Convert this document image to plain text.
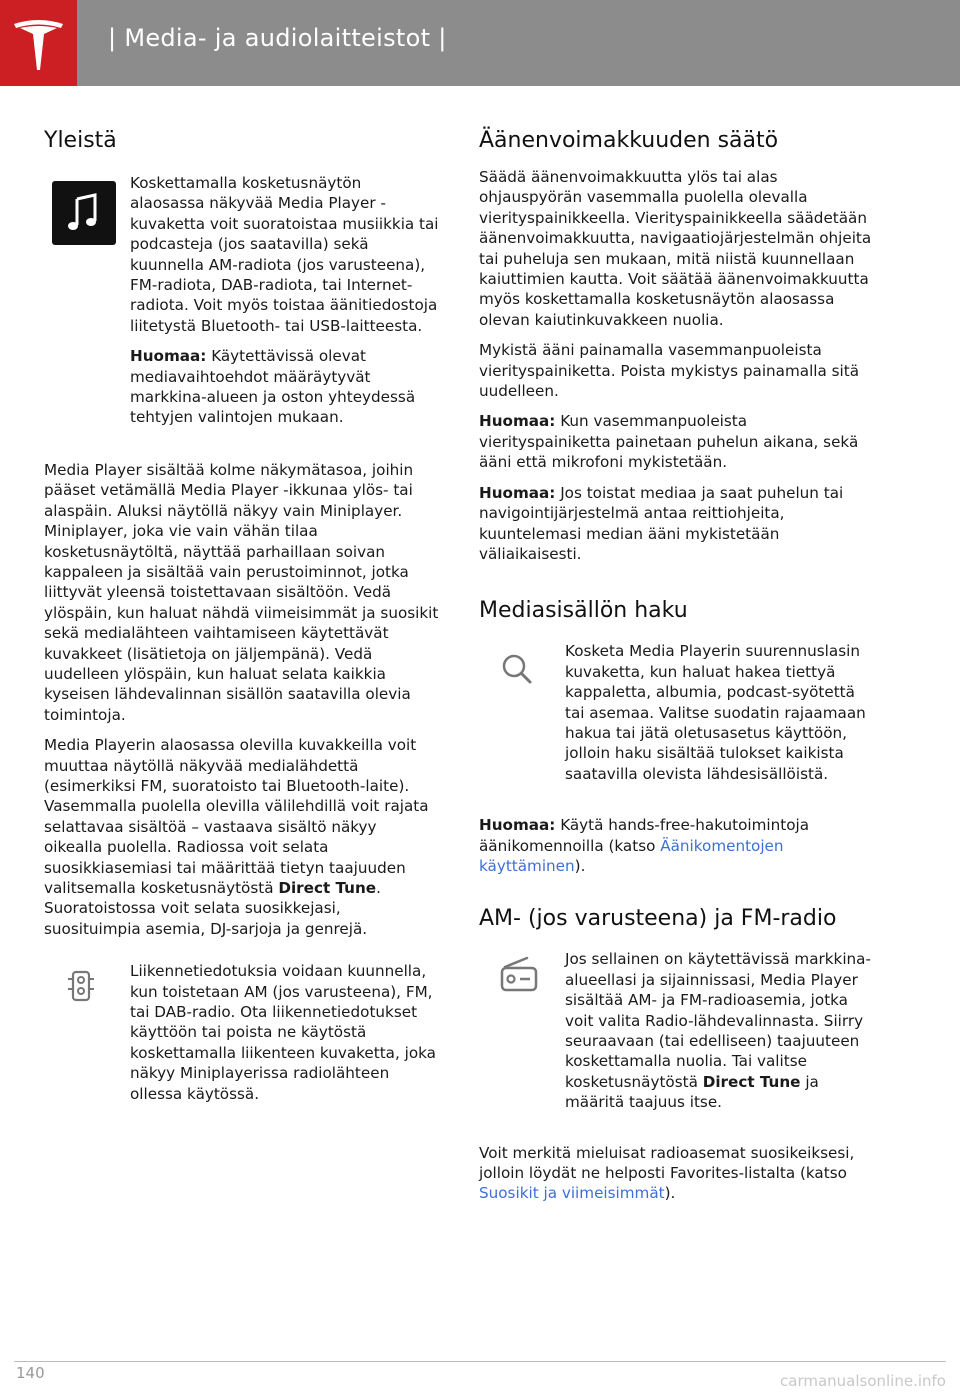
| Media- ja audiolaitteistot |
Yleistä

Koskettamalla kosketusnäytön alaosassa näkyvää Media Player -kuvaketta voit suoratoistaa musiikkia tai podcasteja (jos saatavilla) sekä kuunnella AM-radiota (jos varusteena), FM-radiota, DAB-radiota, tai Internet-radiota. Voit myös toistaa äänitiedostoja liitetystä Bluetooth- tai USB-laitteesta.

Huomaa: Käytettävissä olevat mediavaihtoehdot määräytyvät markkina-alueen ja oston yhteydessä tehtyjen valintojen mukaan.

Media Player sisältää kolme näkymätasoa, joihin pääset vetämällä Media Player -ikkunaa ylös- tai alaspäin. Aluksi näytöllä näkyy vain Miniplayer. Miniplayer, joka vie vain vähän tilaa kosketusnäytöltä, näyttää parhaillaan soivan kappaleen ja sisältää vain perustoiminnot, jotka liittyvät yleensä toistettavaan sisältöön. Vedä ylöspäin, kun haluat nähdä viimeisimmät ja suosikit sekä medialähteen vaihtamiseen käytettävät kuvakkeet (lisätietoja on jäljempänä). Vedä uudelleen ylöspäin, kun haluat selata kaikkia kyseisen lähdevalinnan sisällön saatavilla olevia toimintoja.

Media Playerin alaosassa olevilla kuvakkeilla voit muuttaa näytöllä näkyvää medialähdettä (esimerkiksi FM, suoratoisto tai Bluetooth-laite). Vasemmalla puolella olevilla välilehdillä voit rajata selattavaa sisältöä – vastaava sisältö näkyy oikealla puolella. Radiossa voit selata suosikkiasemiasi tai määrittää tietyn taajuuden valitsemalla kosketusnäytöstä Direct Tune. Suoratoistossa voit selata suosikkejasi, suosituimpia asemia, DJ-sarjoja ja genrejä.

Liikennetiedotuksia voidaan kuunnella, kun toistetaan AM (jos varusteena), FM, tai DAB-radio. Ota liikennetiedotukset käyttöön tai poista ne käytöstä koskettamalla liikenteen kuvaketta, joka näkyy Miniplayerissa radiolähteen ollessa käytössä.

Äänenvoimakkuuden säätö

Säädä äänenvoimakkuutta ylös tai alas ohjauspyörän vasemmalla puolella olevalla vierityspainikkeella. Vierityspainikkeella säädetään äänenvoimakkuutta, navigaatiojärjestelmän ohjeita tai puheluja sen mukaan, mitä niistä kuunnellaan kaiuttimien kautta. Voit säätää äänenvoimakkuutta myös koskettamalla kosketusnäytön alaosassa olevan kaiutinkuvakkeen nuolia.

Mykistä ääni painamalla vasemmanpuoleista vierityspainiketta. Poista mykistys painamalla sitä uudelleen.

Huomaa: Kun vasemmanpuoleista vierityspainiketta painetaan puhelun aikana, sekä ääni että mikrofoni mykistetään.

Huomaa: Jos toistat mediaa ja saat puhelun tai navigointijärjestelmä antaa reittiohjeita, kuuntelemasi median ääni mykistetään väliaikaisesti.

Mediasisällön haku

Kosketa Media Playerin suurennuslasin kuvaketta, kun haluat hakea tiettyä kappaletta, albumia, podcast-syötettä tai asemaa. Valitse suodatin rajaamaan hakua tai jätä oletusasetus käyttöön, jolloin haku sisältää tulokset kaikista saatavilla olevista lähdesisällöistä.

Huomaa: Käytä hands-free-hakutoimintoja äänikomennoilla (katso Äänikomentojen käyttäminen).

AM- (jos varusteena) ja FM-radio

Jos sellainen on käytettävissä markkina-alueellasi ja sijainnissasi, Media Player sisältää AM- ja FM-radioasemia, jotka voit valita Radio-lähdevalinnasta. Siirry seuraavaan (tai edelliseen) taajuuteen koskettamalla nuolia. Tai valitse kosketusnäytöstä Direct Tune ja määritä taajuus itse.

Voit merkitä mieluisat radioasemat suosikeiksesi, jolloin löydät ne helposti Favorites-listalta (katso Suosikit ja viimeisimmät).

140	carmanualsonline.info
